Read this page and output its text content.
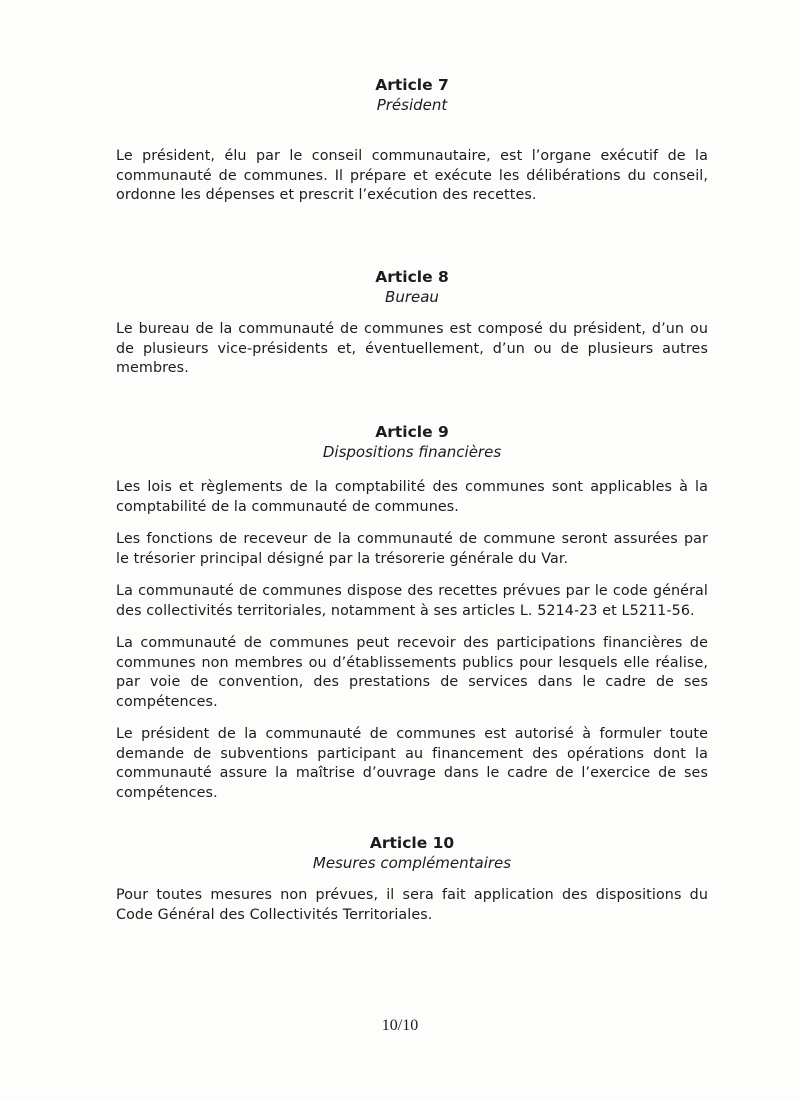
Article 7

Président

Le président, élu par le conseil communautaire, est l’organe exécutif de la communauté de communes. Il prépare et exécute les délibérations du conseil, ordonne les dépenses et prescrit l’exécution des recettes.

Article 8

Bureau

Le bureau de la communauté de communes est composé du président, d’un ou de plusieurs vice-présidents et, éventuellement, d’un ou de plusieurs autres membres.

Article 9

Dispositions financières

Les lois et règlements de la comptabilité des communes sont applicables à la comptabilité de la communauté de communes.

Les fonctions de receveur de la communauté de commune seront assurées par le trésorier principal désigné par la trésorerie générale du Var.

La communauté de communes dispose des recettes prévues par le code général des collectivités territoriales, notamment à ses articles L. 5214-23 et L5211-56.

La communauté de communes peut recevoir des participations financières de communes non membres ou d’établissements publics pour lesquels elle réalise, par voie de convention, des prestations de services dans le cadre de ses compétences.

Le président de la communauté de communes est autorisé à formuler toute demande de subventions participant au financement des opérations dont la communauté assure la maîtrise d’ouvrage dans le cadre de l’exercice de ses compétences.

Article 10

Mesures complémentaires

Pour toutes mesures non prévues, il sera fait application des dispositions du Code Général des Collectivités Territoriales.

10/10
